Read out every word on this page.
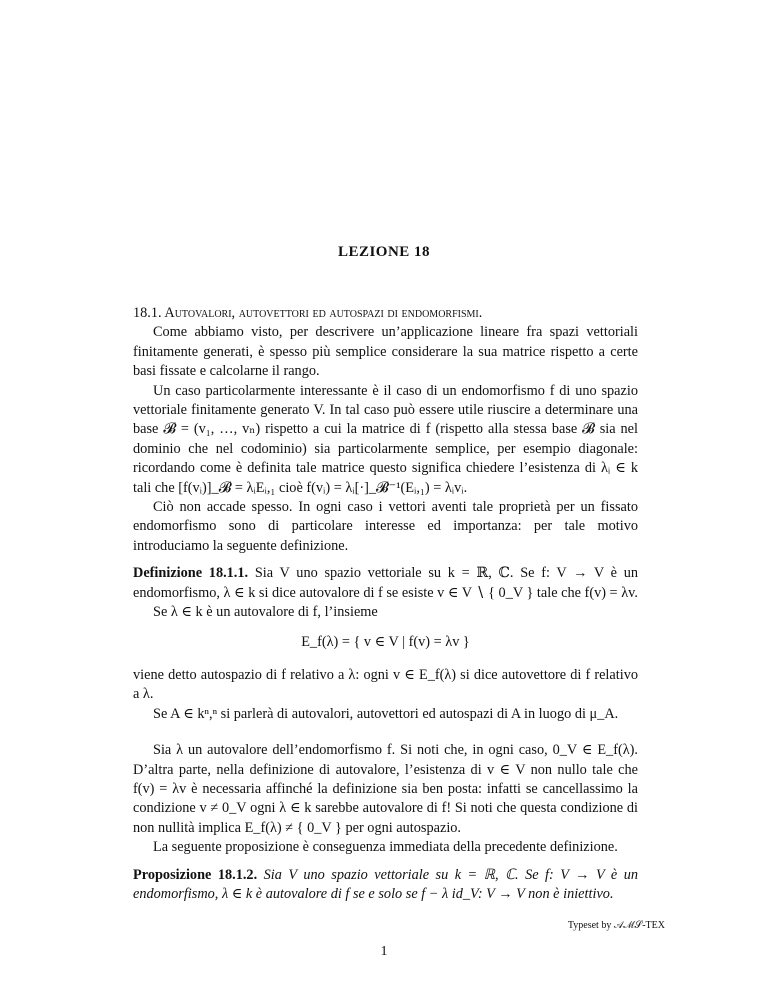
LEZIONE 18

18.1. Autovalori, autovettori ed autospazi di endomorfismi.

Come abbiamo visto, per descrivere un’applicazione lineare fra spazi vettoriali finitamente generati, è spesso più semplice considerare la sua matrice rispetto a certe basi fissate e calcolarne il rango.

Un caso particolarmente interessante è il caso di un endomorfismo f di uno spazio vettoriale finitamente generato V. In tal caso può essere utile riuscire a determinare una base 𝓑 = (v₁, …, vₙ) rispetto a cui la matrice di f (rispetto alla stessa base 𝓑 sia nel dominio che nel codominio) sia particolarmente semplice, per esempio diagonale: ricordando come è definita tale matrice questo significa chiedere l’esistenza di λᵢ ∈ k tali che [f(vᵢ)]_𝓑 = λᵢEᵢ,₁ cioè f(vᵢ) = λᵢ[·]_𝓑⁻¹(Eᵢ,₁) = λᵢvᵢ.

Ciò non accade spesso. In ogni caso i vettori aventi tale proprietà per un fissato endomorfismo sono di particolare interesse ed importanza: per tale motivo introduciamo la seguente definizione.

Definizione 18.1.1. Sia V uno spazio vettoriale su k = ℝ, ℂ. Se f: V → V è un endomorfismo, λ ∈ k si dice autovalore di f se esiste v ∈ V ∖ { 0_V } tale che f(v) = λv.

Se λ ∈ k è un autovalore di f, l’insieme

E_f(λ) = { v ∈ V | f(v) = λv }

viene detto autospazio di f relativo a λ: ogni v ∈ E_f(λ) si dice autovettore di f relativo a λ.

Se A ∈ kⁿ,ⁿ si parlerà di autovalori, autovettori ed autospazi di A in luogo di μ_A.

Sia λ un autovalore dell’endomorfismo f. Si noti che, in ogni caso, 0_V ∈ E_f(λ). D’altra parte, nella definizione di autovalore, l’esistenza di v ∈ V non nullo tale che f(v) = λv è necessaria affinché la definizione sia ben posta: infatti se cancellassimo la condizione v ≠ 0_V ogni λ ∈ k sarebbe autovalore di f! Si noti che questa condizione di non nullità implica E_f(λ) ≠ { 0_V } per ogni autospazio.

La seguente proposizione è conseguenza immediata della precedente definizione.

Proposizione 18.1.2. Sia V uno spazio vettoriale su k = ℝ, ℂ. Se f: V → V è un endomorfismo, λ ∈ k è autovalore di f se e solo se f − λ id_V: V → V non è iniettivo.

Typeset by 𝒜ℳ𝒮-TEX
1
